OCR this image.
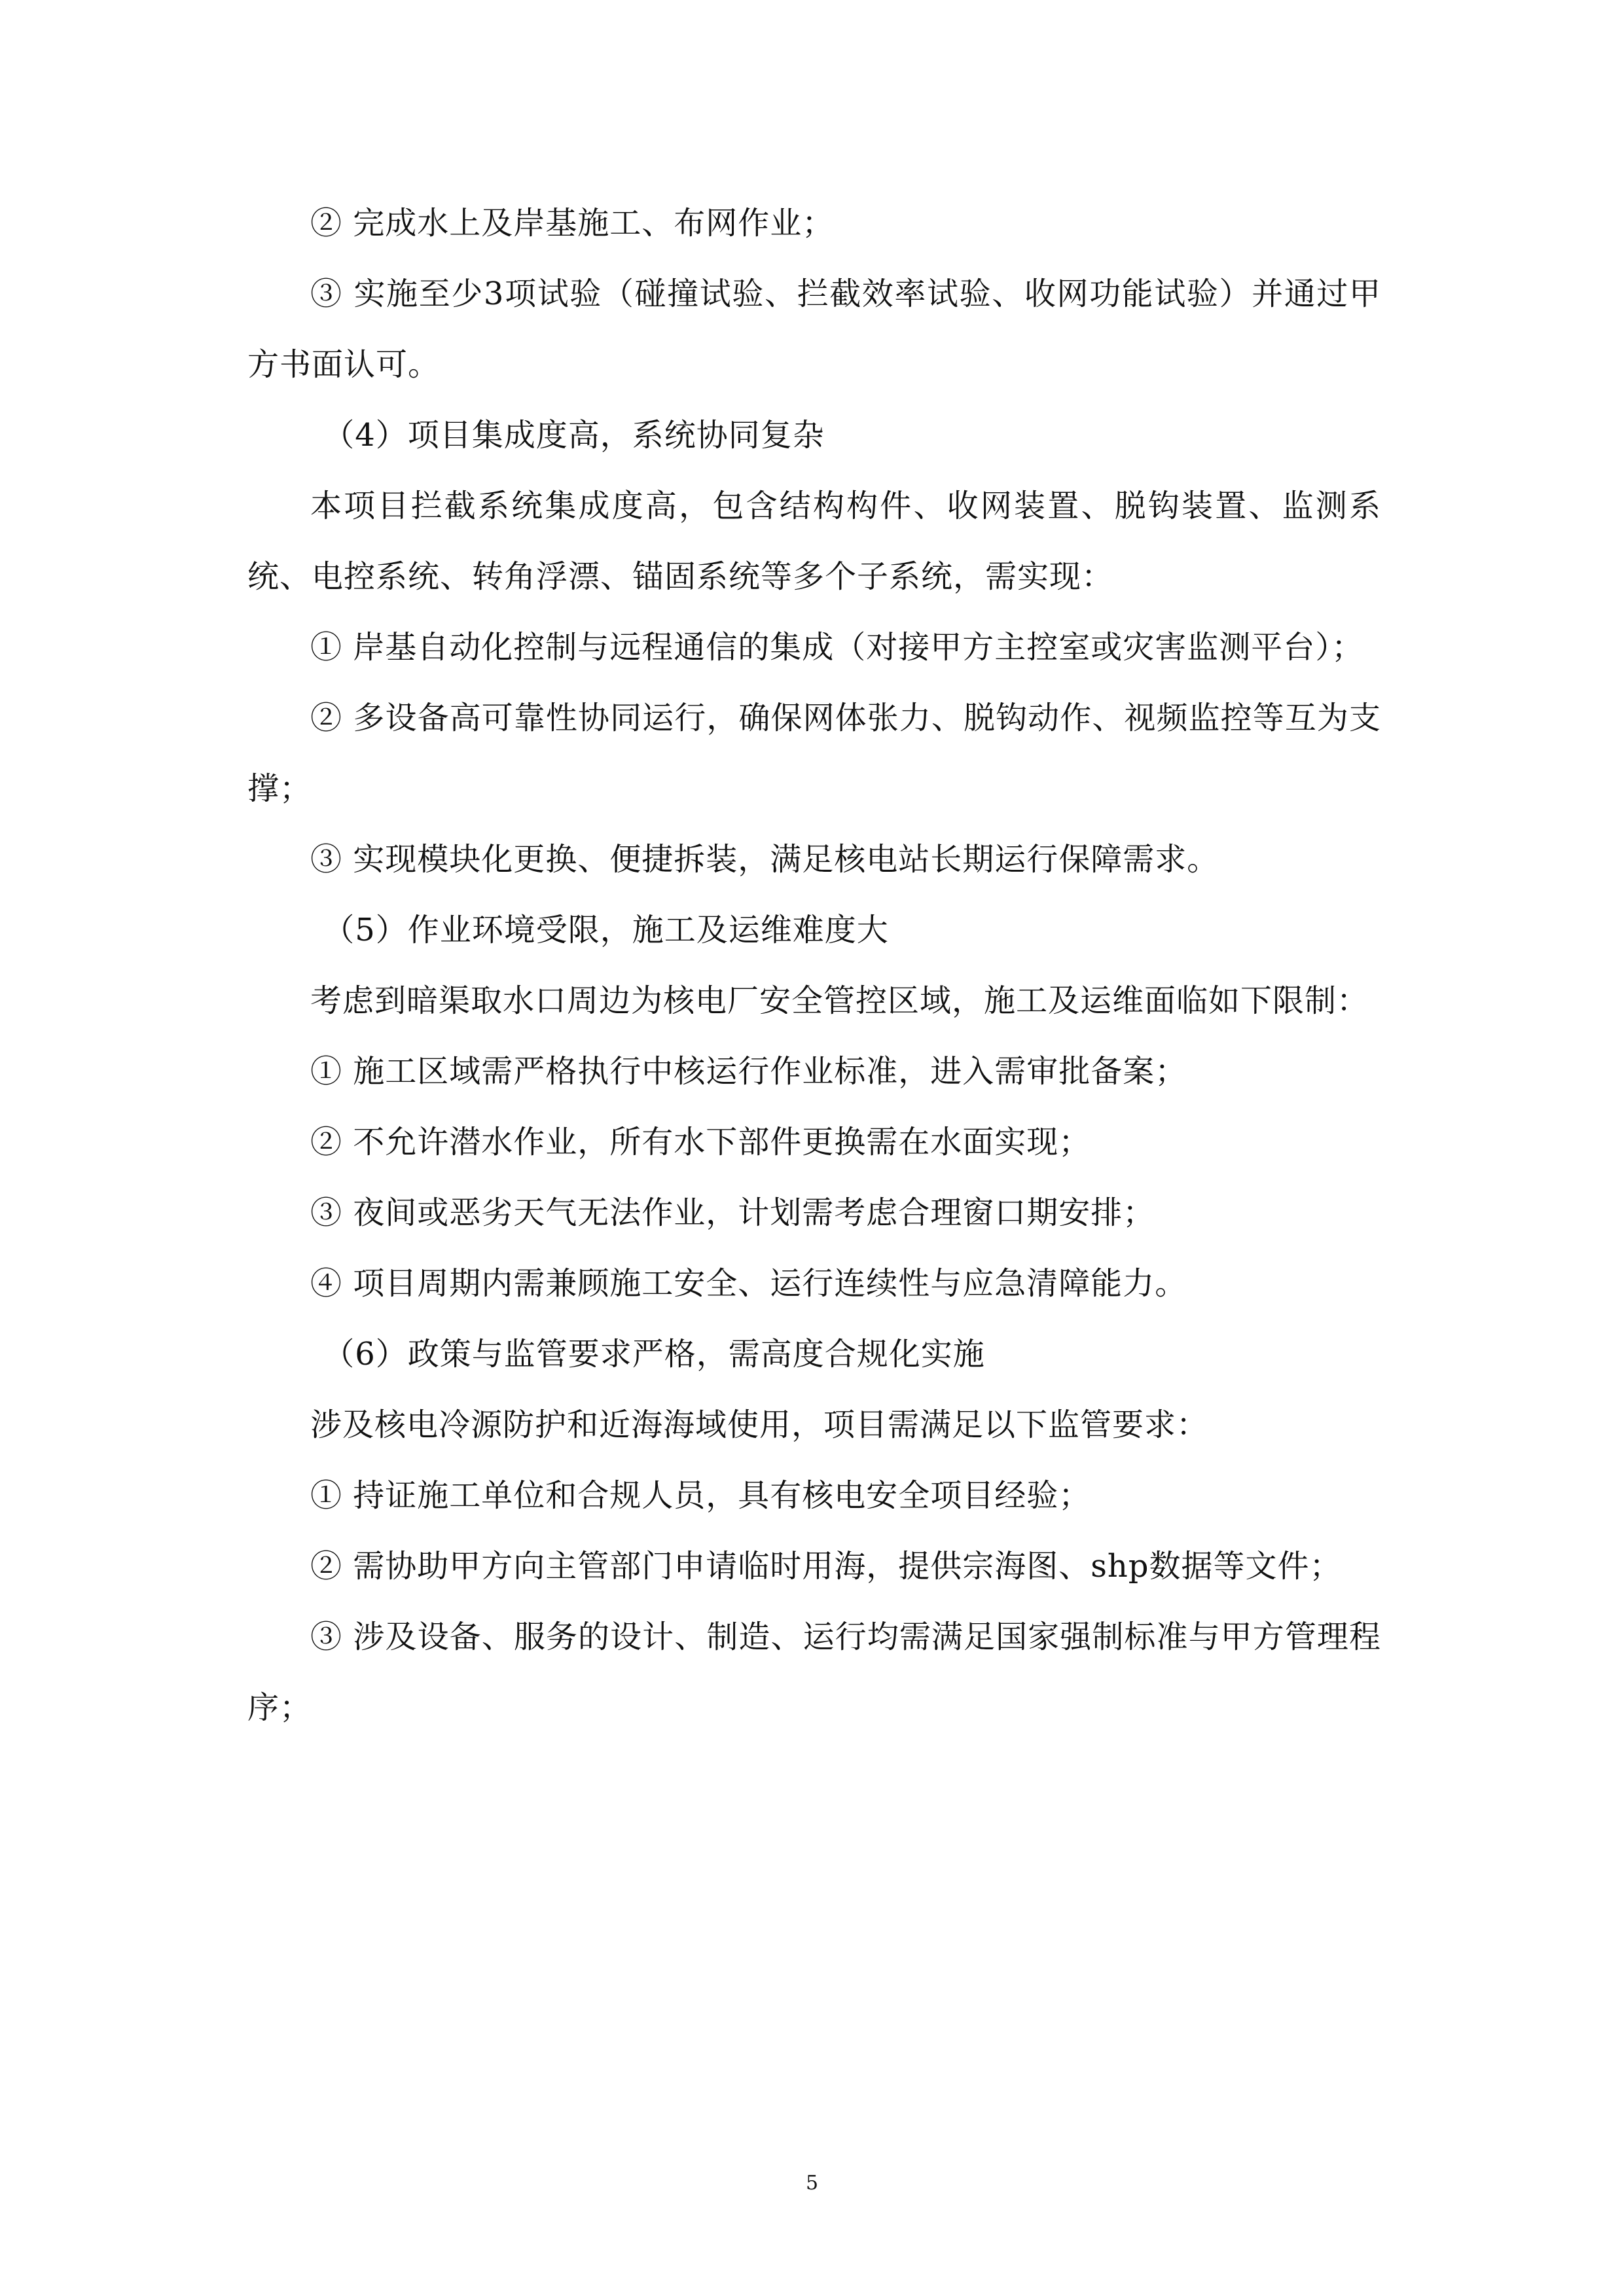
② 完成水上及岸基施工、布网作业；

③ 实施至少3项试验（碰撞试验、拦截效率试验、收网功能试验）并通过甲方书面认可。

（4）项目集成度高，系统协同复杂

本项目拦截系统集成度高，包含结构构件、收网装置、脱钩装置、监测系统、电控系统、转角浮漂、锚固系统等多个子系统，需实现：

① 岸基自动化控制与远程通信的集成（对接甲方主控室或灾害监测平台）；

② 多设备高可靠性协同运行，确保网体张力、脱钩动作、视频监控等互为支撑；

③ 实现模块化更换、便捷拆装，满足核电站长期运行保障需求。

（5）作业环境受限，施工及运维难度大

考虑到暗渠取水口周边为核电厂安全管控区域，施工及运维面临如下限制：

① 施工区域需严格执行中核运行作业标准，进入需审批备案；

② 不允许潜水作业，所有水下部件更换需在水面实现；

③ 夜间或恶劣天气无法作业，计划需考虑合理窗口期安排；

④ 项目周期内需兼顾施工安全、运行连续性与应急清障能力。

（6）政策与监管要求严格，需高度合规化实施

涉及核电冷源防护和近海海域使用，项目需满足以下监管要求：

① 持证施工单位和合规人员，具有核电安全项目经验；

② 需协助甲方向主管部门申请临时用海，提供宗海图、shp数据等文件；

③ 涉及设备、服务的设计、制造、运行均需满足国家强制标准与甲方管理程序；

5
